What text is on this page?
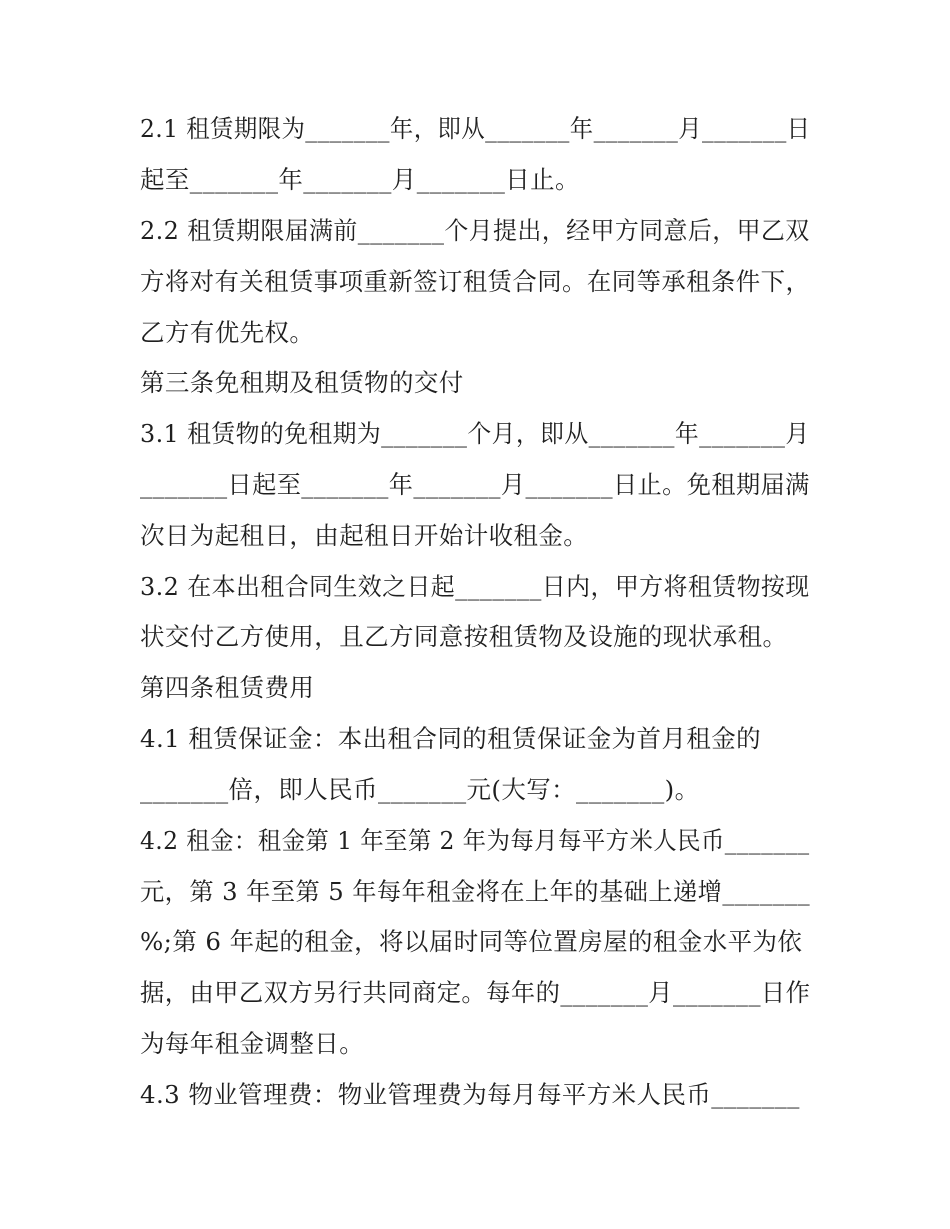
2.1 租赁期限为_______年，即从_______年_______月_______日
起至_______年_______月_______日止。
2.2 租赁期限届满前_______个月提出，经甲方同意后，甲乙双
方将对有关租赁事项重新签订租赁合同。在同等承租条件下，
乙方有优先权。
第三条免租期及租赁物的交付
3.1 租赁物的免租期为_______个月，即从_______年_______月
_______日起至_______年_______月_______日止。免租期届满
次日为起租日，由起租日开始计收租金。
3.2 在本出租合同生效之日起_______日内，甲方将租赁物按现
状交付乙方使用，且乙方同意按租赁物及设施的现状承租。
第四条租赁费用
4.1 租赁保证金：本出租合同的租赁保证金为首月租金的
_______倍，即人民币_______元(大写：_______)。
4.2 租金：租金第 1 年至第 2 年为每月每平方米人民币_______
元，第 3 年至第 5 年每年租金将在上年的基础上递增_______
%;第 6 年起的租金，将以届时同等位置房屋的租金水平为依
据，由甲乙双方另行共同商定。每年的_______月_______日作
为每年租金调整日。
4.3 物业管理费：物业管理费为每月每平方米人民币_______
